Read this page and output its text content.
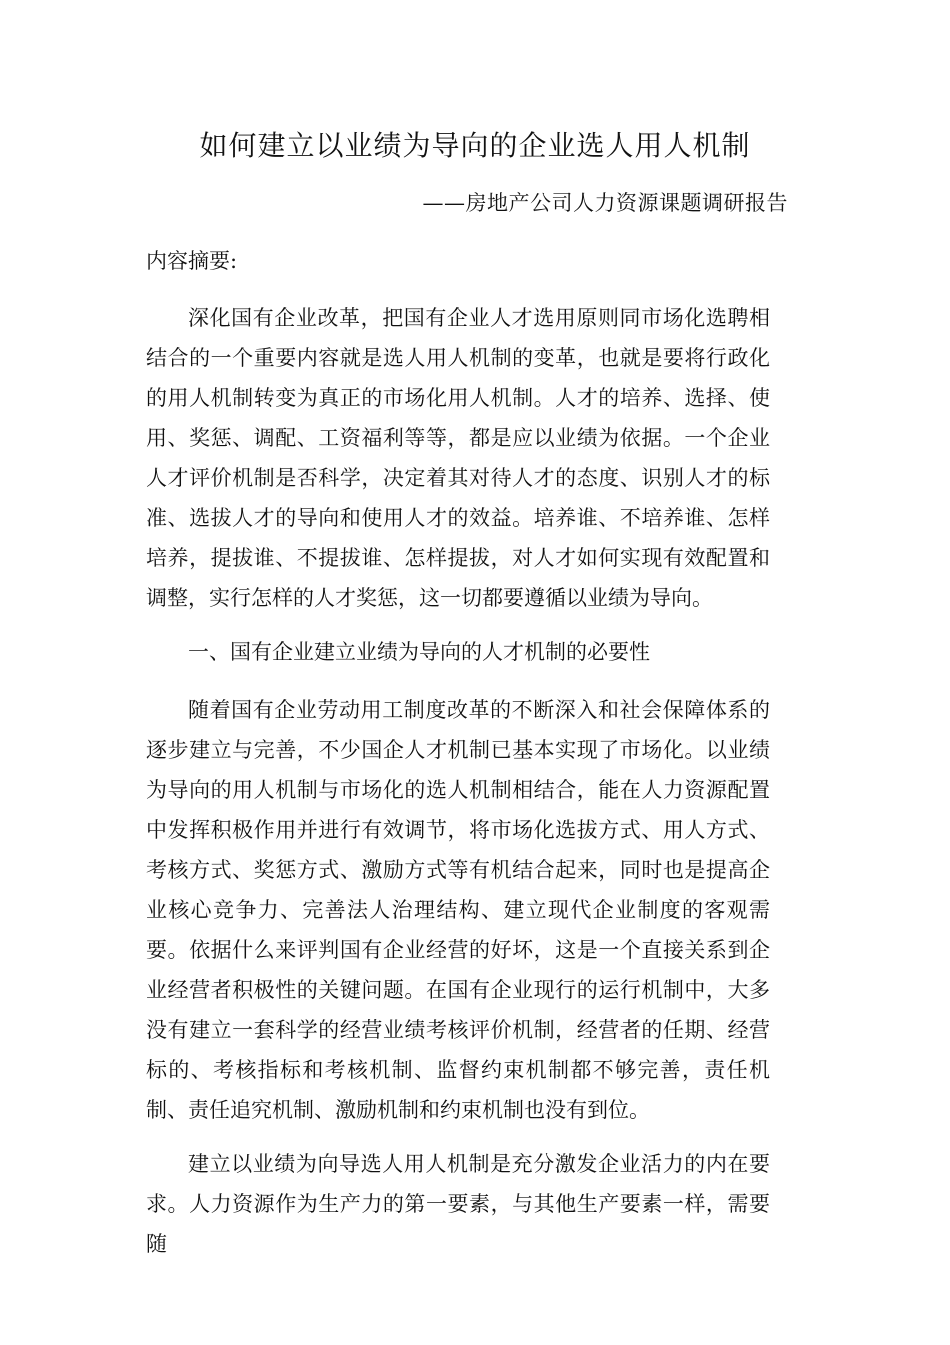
如何建立以业绩为导向的企业选人用人机制
——房地产公司人力资源课题调研报告
内容摘要:

深化国有企业改革，把国有企业人才选用原则同市场化选聘相结合的一个重要内容就是选人用人机制的变革，也就是要将行政化的用人机制转变为真正的市场化用人机制。人才的培养、选择、使用、奖惩、调配、工资福利等等，都是应以业绩为依据。一个企业人才评价机制是否科学，决定着其对待人才的态度、识别人才的标准、选拔人才的导向和使用人才的效益。培养谁、不培养谁、怎样培养，提拔谁、不提拔谁、怎样提拔，对人才如何实现有效配置和调整，实行怎样的人才奖惩，这一切都要遵循以业绩为导向。

一、国有企业建立业绩为导向的人才机制的必要性

随着国有企业劳动用工制度改革的不断深入和社会保障体系的逐步建立与完善，不少国企人才机制已基本实现了市场化。以业绩为导向的用人机制与市场化的选人机制相结合，能在人力资源配置中发挥积极作用并进行有效调节，将市场化选拔方式、用人方式、考核方式、奖惩方式、激励方式等有机结合起来，同时也是提高企业核心竞争力、完善法人治理结构、建立现代企业制度的客观需要。依据什么来评判国有企业经营的好坏，这是一个直接关系到企业经营者积极性的关键问题。在国有企业现行的运行机制中，大多没有建立一套科学的经营业绩考核评价机制，经营者的任期、经营标的、考核指标和考核机制、监督约束机制都不够完善，责任机制、责任追究机制、激励机制和约束机制也没有到位。

建立以业绩为向导选人用人机制是充分激发企业活力的内在要求。人力资源作为生产力的第一要素，与其他生产要素一样，需要随
